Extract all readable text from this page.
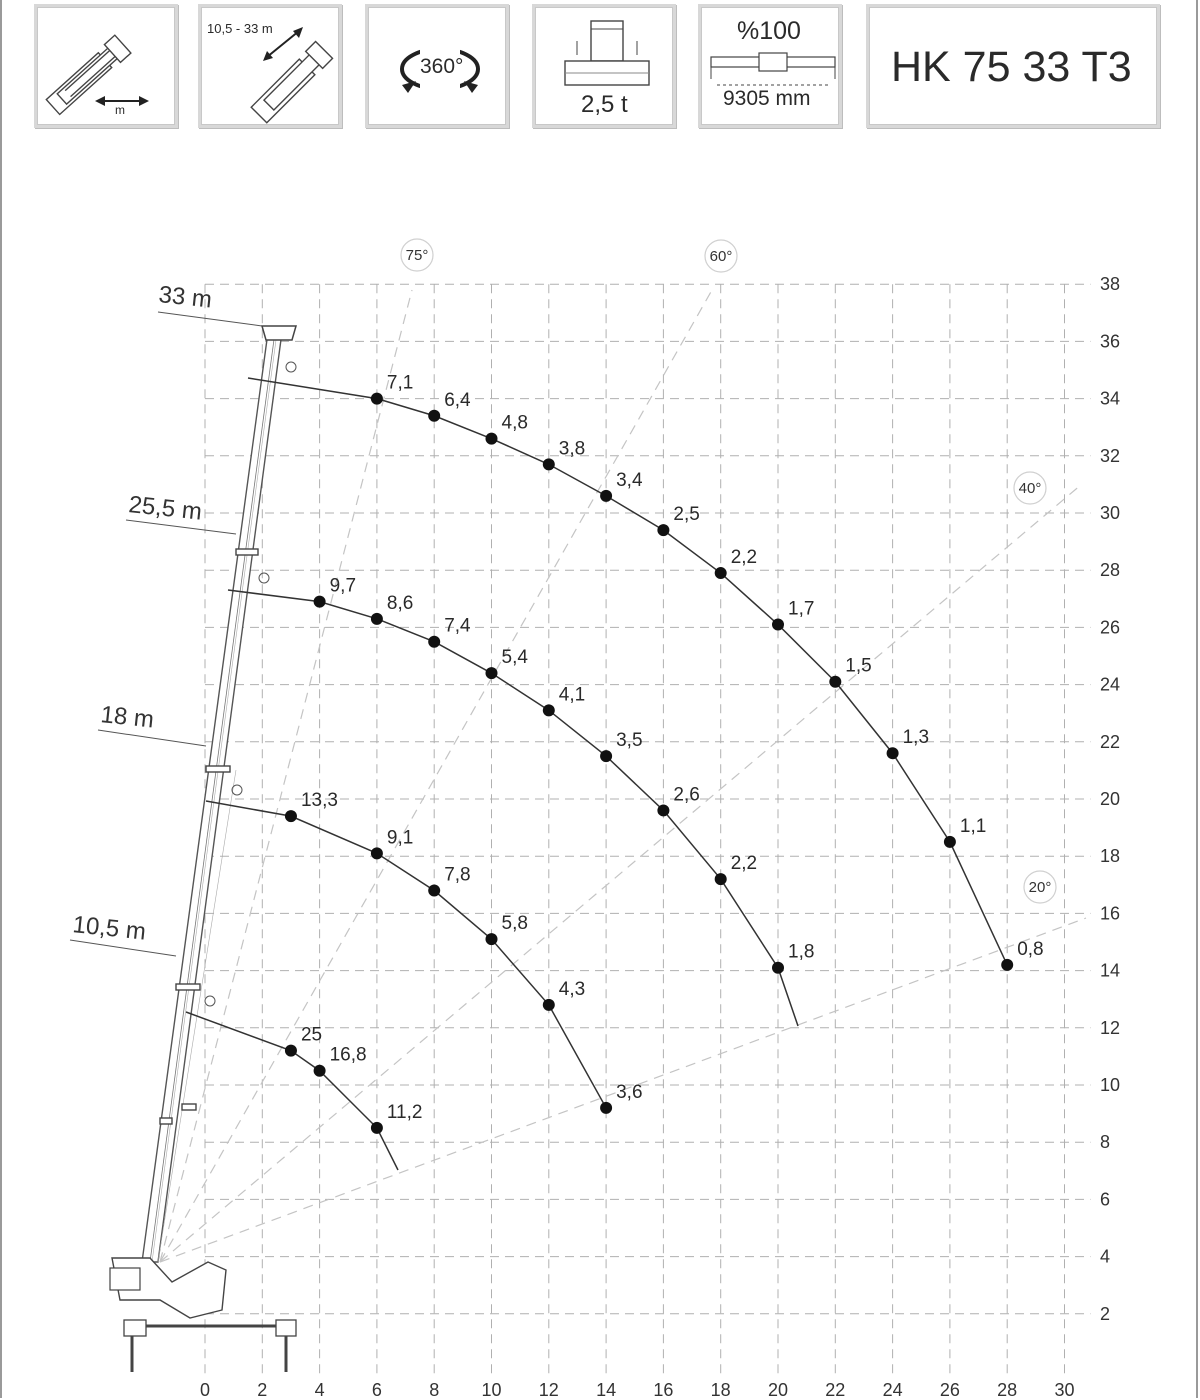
m
10,5 - 33 m
360°
2,5 t
%100
9305 mm
HK 75 33 T3
75°	60°
40°
20°
33 m
25,5 m
18 m
10,5 m
7,1
6,4
4,8
3,8
3,4
2,5
2,2
1,7
1,5
1,3
1,1
0,8
9,7
8,6
7,4
5,4
4,1
3,5
2,6
2,2
1,8
13,3
9,1
7,8
5,8
4,3
3,6
25
16,8
11,2
0	2	4	6	8 10 12 14 16 18 20 22 24 26 28 30
2
4
6
8
10
12
14
16
18
20
22
24
26
28
30
32
34
36
38
